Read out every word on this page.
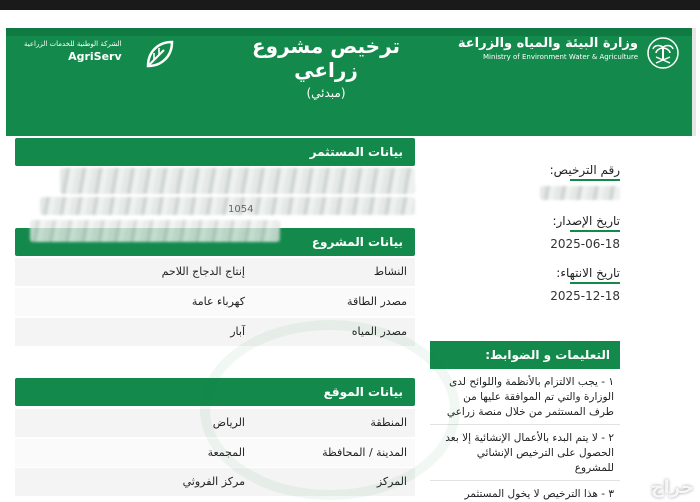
الشركة الوطنية للخدمات الزراعية
AgriServ	ترخيص مشروع زراعي
(مبدئي)
وزارة البيئة والمياه والزراعة
Ministry of Environment Water & Agriculture
بيانات المستثمر
1054
بيانات المشروع
النشاط
إنتاج الدجاج اللاحم
مصدر الطاقة
كهرباء عامة
مصدر المياه
آبار
بيانات الموقع
المنطقة
الرياض
المدينة / المحافظة
المجمعة
المركز
مركز الفروثي
رقم الترخيص:
تاريخ الإصدار:
2025-06-18
تاريخ الانتهاء:
2025-12-18
التعليمات و الضوابط:
١ - يجب الالتزام بالأنظمة واللوائح لدى الوزارة والتي تم الموافقة عليها من طرف المستثمر من خلال منصة زراعي
٢ - لا يتم البدء بالأعمال الإنشائية إلا بعد الحصول على الترخيص الإنشائي للمشروع
٣ - هذا الترخيص لا يخول المستثمر	حراج
